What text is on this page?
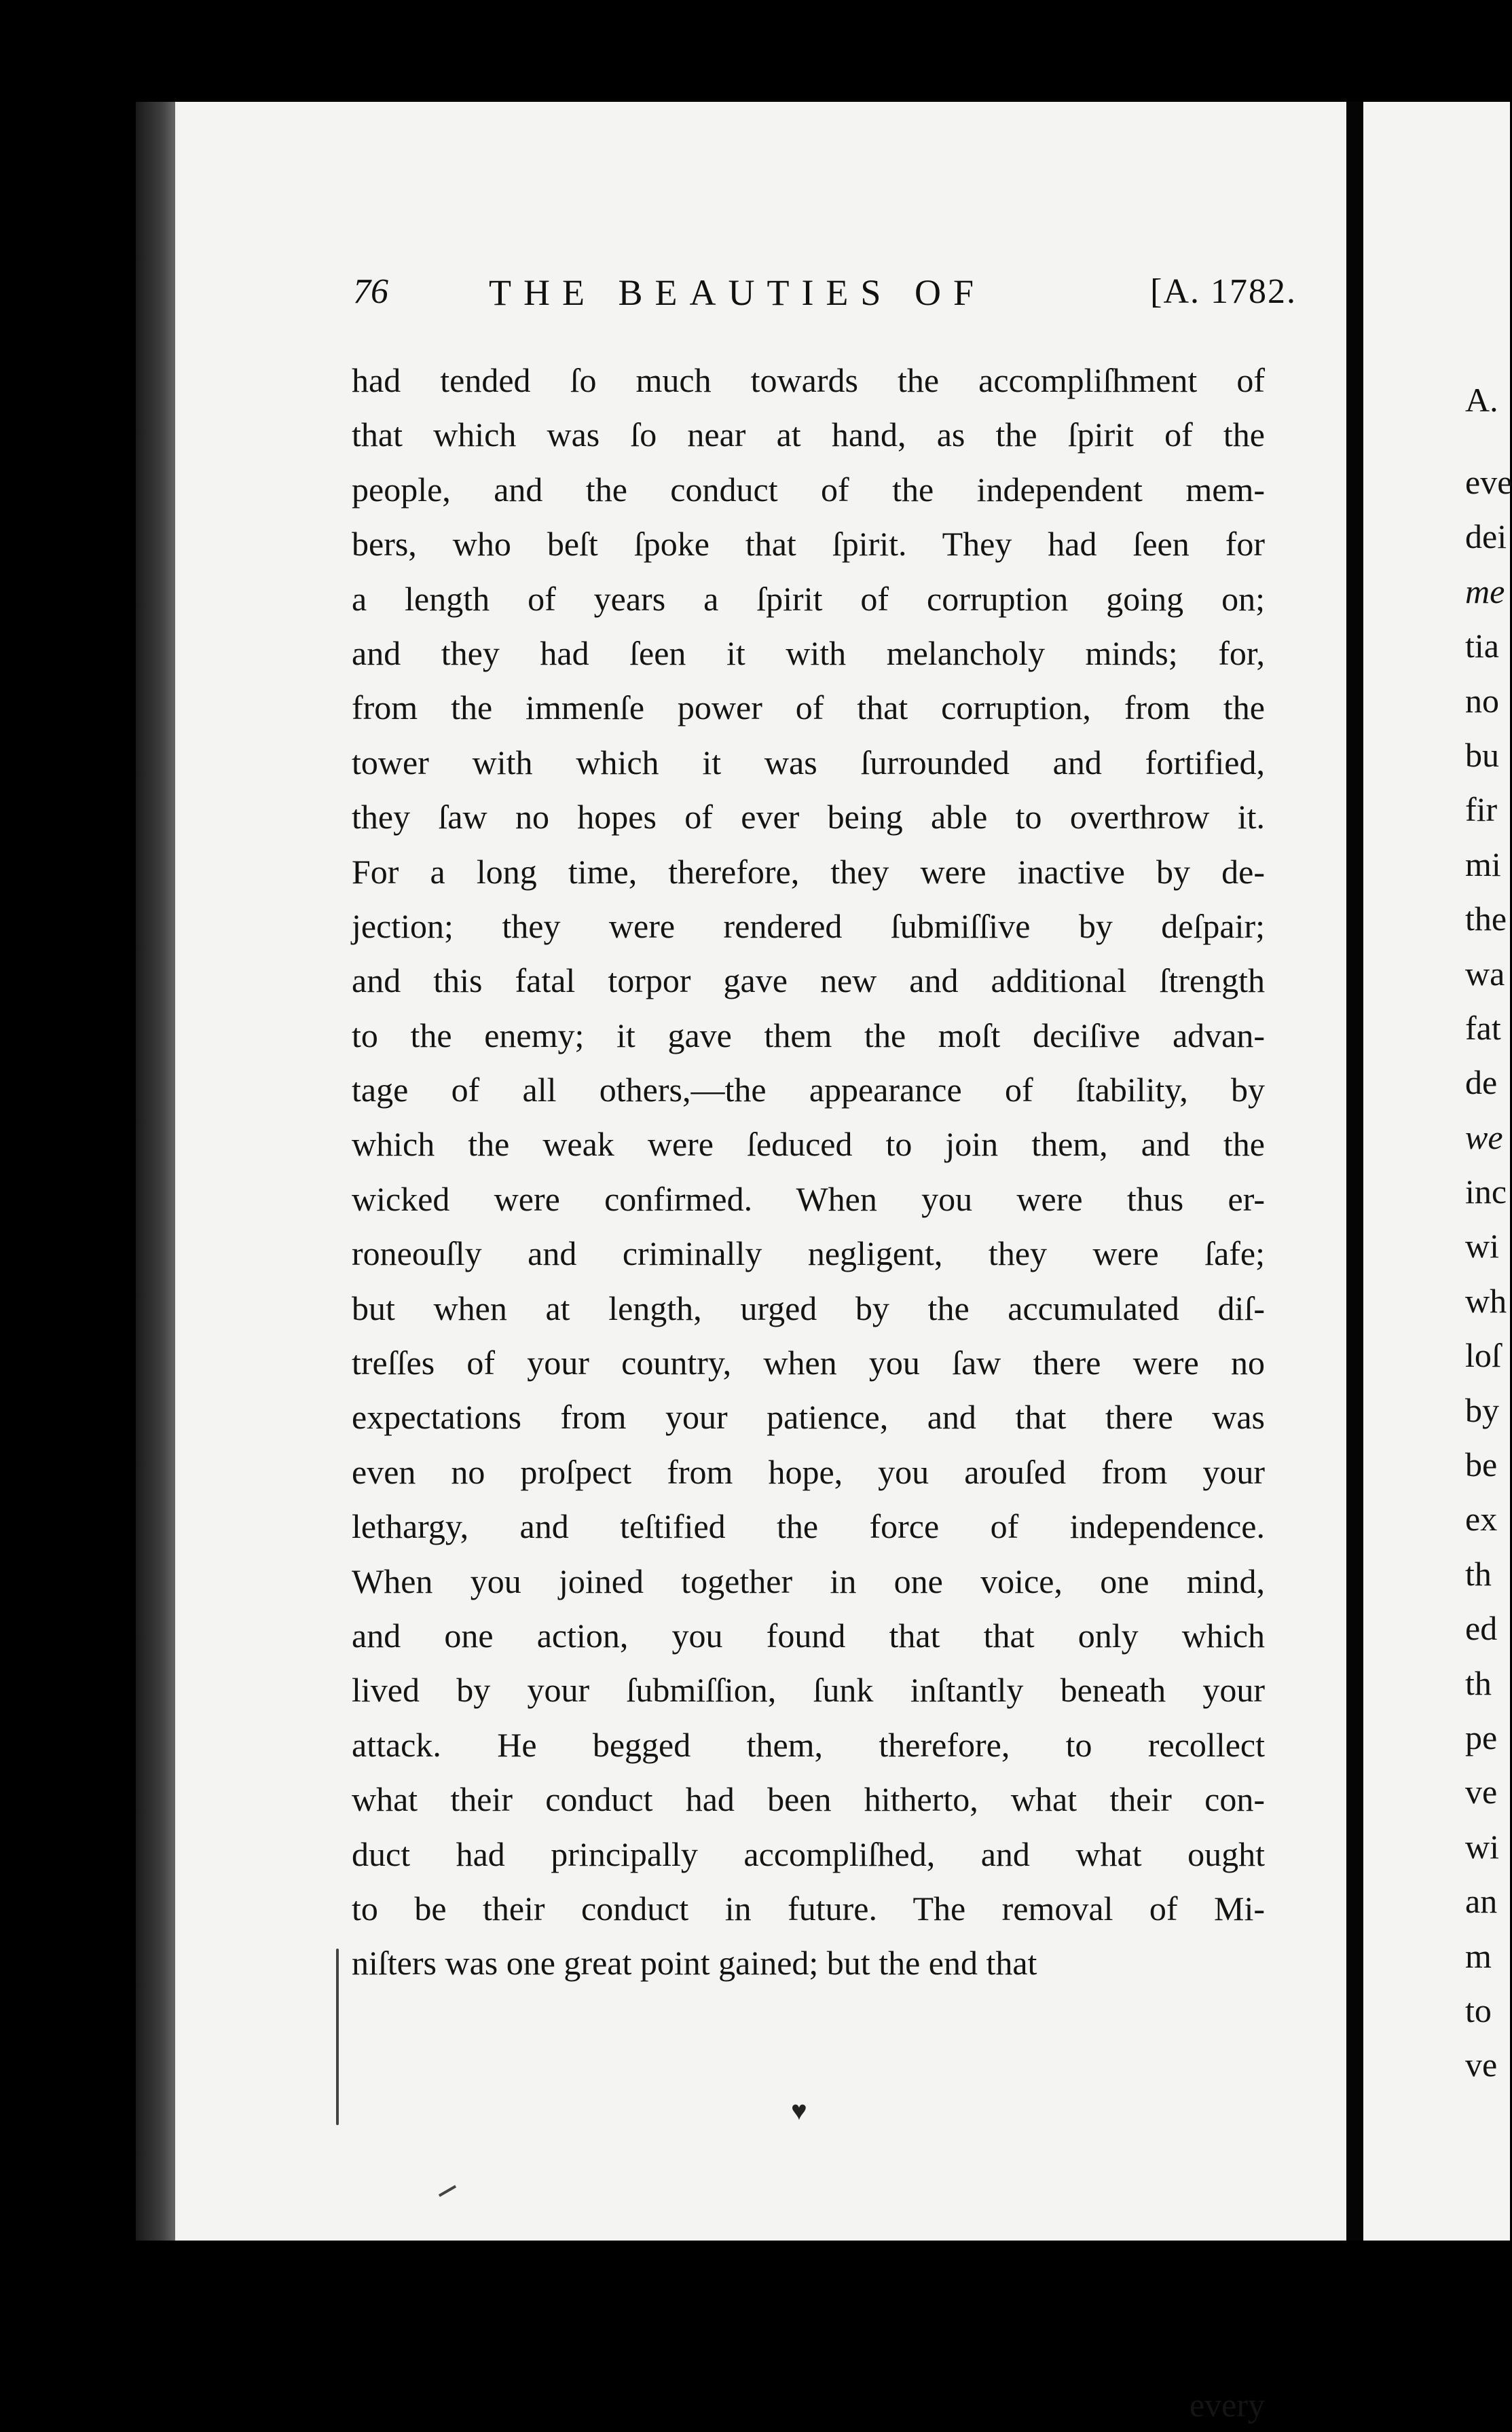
A.
eve
dei
me
tia
no
bu
fir
mi
the
wa
fat
de
we
inc
wi
wh
loſ
by
be
ex
th
ed
th
pe
ve
wi
an
m
to
ve
76	THE BEAUTIES OF	[A. 1782.
had tended ſo much towards the accompliſhment of
that which was ſo near at hand, as the ſpirit of the
people, and the conduct of the independent mem-
bers, who beſt ſpoke that ſpirit. They had ſeen for
a length of years a ſpirit of corruption going on;
and they had ſeen it with melancholy minds; for,
from the immenſe power of that corruption, from the
tower with which it was ſurrounded and fortified,
they ſaw no hopes of ever being able to overthrow it.
For a long time, therefore, they were inactive by de-
jection; they were rendered ſubmiſſive by deſpair;
and this fatal torpor gave new and additional ſtrength
to the enemy; it gave them the moſt deciſive advan-
tage of all others,—the appearance of ſtability, by
which the weak were ſeduced to join them, and the
wicked were confirmed. When you were thus er-
roneouſly and criminally negligent, they were ſafe;
but when at length, urged by the accumulated diſ-
treſſes of your country, when you ſaw there were no
expectations from your patience, and that there was
even no proſpect from hope, you arouſed from your
lethargy, and teſtified the force of independence.
When you joined together in one voice, one mind,
and one action, you found that that only which
lived by your ſubmiſſion, ſunk inſtantly beneath your
attack. He begged them, therefore, to recollect
what their conduct had been hitherto, what their con-
duct had principally accompliſhed, and what ought
to be their conduct in future. The removal of Mi-
niſters was one great point gained; but the end that
every
♥
